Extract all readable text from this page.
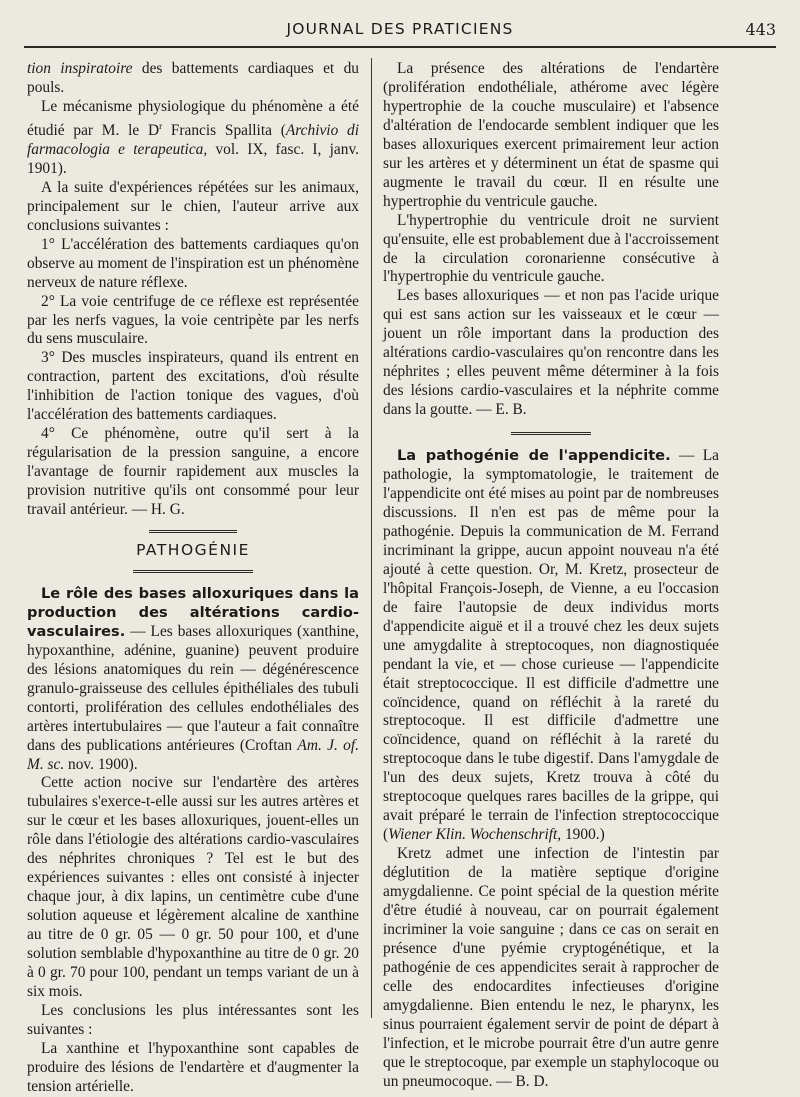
JOURNAL DES PRATICIENS	443

tion inspiratoire des battements cardiaques et du pouls.

Le mécanisme physiologique du phénomène a été étudié par M. le $D^r$ Francis Spallita (Archivio di farmacologia e terapeutica, vol. IX, fasc. I, janv. 1901).

A la suite d'expériences répétées sur les animaux, principalement sur le chien, l'auteur arrive aux conclusions suivantes :

1° L'accélération des battements cardiaques qu'on observe au moment de l'inspiration est un phénomène nerveux de nature réflexe.

2° La voie centrifuge de ce réflexe est représentée par les nerfs vagues, la voie centripète par les nerfs du sens musculaire.

3° Des muscles inspirateurs, quand ils entrent en contraction, partent des excitations, d'où résulte l'inhibition de l'action tonique des vagues, d'où l'accélération des battements cardiaques.

4° Ce phénomène, outre qu'il sert à la régularisation de la pression sanguine, a encore l'avantage de fournir rapidement aux muscles la provision nutritive qu'ils ont consommé pour leur travail antérieur. — H. G.

PATHOGÉNIE

Le rôle des bases alloxuriques dans la production des altérations cardio-vasculaires. — Les bases alloxuriques (xanthine, hypoxanthine, adénine, guanine) peuvent produire des lésions anatomiques du rein — dégénérescence granulo-graisseuse des cellules épithéliales des tubuli contorti, prolifération des cellules endothéliales des artères intertubulaires — que l'auteur a fait connaître dans des publications antérieures (Croftan Am. J. of. M. sc. nov. 1900).

Cette action nocive sur l'endartère des artères tubulaires s'exerce-t-elle aussi sur les autres artères et sur le cœur et les bases alloxuriques, jouent-elles un rôle dans l'étiologie des altérations cardio-vasculaires des néphrites chroniques ? Tel est le but des expériences suivantes : elles ont consisté à injecter chaque jour, à dix lapins, un centimètre cube d'une solution aqueuse et légèrement alcaline de xanthine au titre de 0 gr. 05 — 0 gr. 50 pour 100, et d'une solution semblable d'hypoxanthine au titre de 0 gr. 20 à 0 gr. 70 pour 100, pendant un temps variant de un à six mois.

Les conclusions les plus intéressantes sont les suivantes :

La xanthine et l'hypoxanthine sont capables de produire des lésions de l'endartère et d'augmenter la tension artérielle.

La présence des altérations de l'endartère (prolifération endothéliale, athérome avec légère hypertrophie de la couche musculaire) et l'absence d'altération de l'endocarde semblent indiquer que les bases alloxuriques exercent primairement leur action sur les artères et y déterminent un état de spasme qui augmente le travail du cœur. Il en résulte une hypertrophie du ventricule gauche.

L'hypertrophie du ventricule droit ne survient qu'ensuite, elle est probablement due à l'accroissement de la circulation coronarienne consécutive à l'hypertrophie du ventricule gauche.

Les bases alloxuriques — et non pas l'acide urique qui est sans action sur les vaisseaux et le cœur — jouent un rôle important dans la production des altérations cardio-vasculaires qu'on rencontre dans les néphrites ; elles peuvent même déterminer à la fois des lésions cardio-vasculaires et la néphrite comme dans la goutte. — E. B.

La pathogénie de l'appendicite. — La pathologie, la symptomatologie, le traitement de l'appendicite ont été mises au point par de nombreuses discussions. Il n'en est pas de même pour la pathogénie. Depuis la communication de M. Ferrand incriminant la grippe, aucun appoint nouveau n'a été ajouté à cette question. Or, M. Kretz, prosecteur de l'hôpital François-Joseph, de Vienne, a eu l'occasion de faire l'autopsie de deux individus morts d'appendicite aiguë et il a trouvé chez les deux sujets une amygdalite à streptocoques, non diagnostiquée pendant la vie, et — chose curieuse — l'appendicite était streptococcique. Il est difficile d'admettre une coïncidence, quand on réfléchit à la rareté du streptocoque. Il est difficile d'admettre une coïncidence, quand on réfléchit à la rareté du streptocoque dans le tube digestif. Dans l'amygdale de l'un des deux sujets, Kretz trouva à côté du streptocoque quelques rares bacilles de la grippe, qui avait préparé le terrain de l'infection streptococcique (Wiener Klin. Wochenschrift, 1900.)

Kretz admet une infection de l'intestin par déglutition de la matière septique d'origine amygdalienne. Ce point spécial de la question mérite d'être étudié à nouveau, car on pourrait également incriminer la voie sanguine ; dans ce cas on serait en présence d'une pyémie cryptogénétique, et la pathogénie de ces appendicites serait à rapprocher de celle des endocardites infectieuses d'origine amygdalienne. Bien entendu le nez, le pharynx, les sinus pourraient également servir de point de départ à l'infection, et le microbe pourrait être d'un autre genre que le streptocoque, par exemple un staphylocoque ou un pneumocoque. — B. D.
